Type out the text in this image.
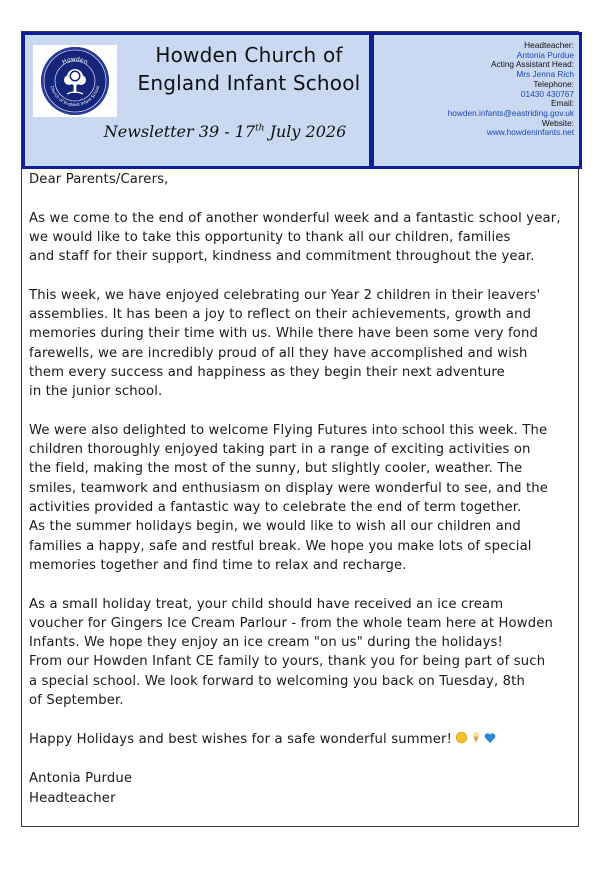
Howden
Church of England Infant School
Howden Church of
England Infant School
Newsletter 39 - 17th July 2026
Headteacher:
Antonia Purdue
Acting Assistant Head:
Mrs Jenna Rich
Telephone:
01430 430767
Email:
howden.infants@eastriding.gov.uk
Website:
www.howdeninfants.net

Dear Parents/Carers,

As we come to the end of another wonderful week and a fantastic school year,
we would like to take this opportunity to thank all our children, families
and staff for their support, kindness and commitment throughout the year.

This week, we have enjoyed celebrating our Year 2 children in their leavers'
assemblies. It has been a joy to reflect on their achievements, growth and
memories during their time with us. While there have been some very fond
farewells, we are incredibly proud of all they have accomplished and wish
them every success and happiness as they begin their next adventure
in the junior school.

We were also delighted to welcome Flying Futures into school this week. The
children thoroughly enjoyed taking part in a range of exciting activities on
the field, making the most of the sunny, but slightly cooler, weather. The
smiles, teamwork and enthusiasm on display were wonderful to see, and the
activities provided a fantastic way to celebrate the end of term together.
As the summer holidays begin, we would like to wish all our children and
families a happy, safe and restful break. We hope you make lots of special
memories together and find time to relax and recharge.

As a small holiday treat, your child should have received an ice cream
voucher for Gingers Ice Cream Parlour - from the whole team here at Howden
Infants. We hope they enjoy an ice cream "on us" during the holidays!
From our Howden Infant CE family to yours, thank you for being part of such
a special school. We look forward to welcoming you back on Tuesday, 8th
of September.

Happy Holidays and best wishes for a safe wonderful summer!

Antonia Purdue
Headteacher
